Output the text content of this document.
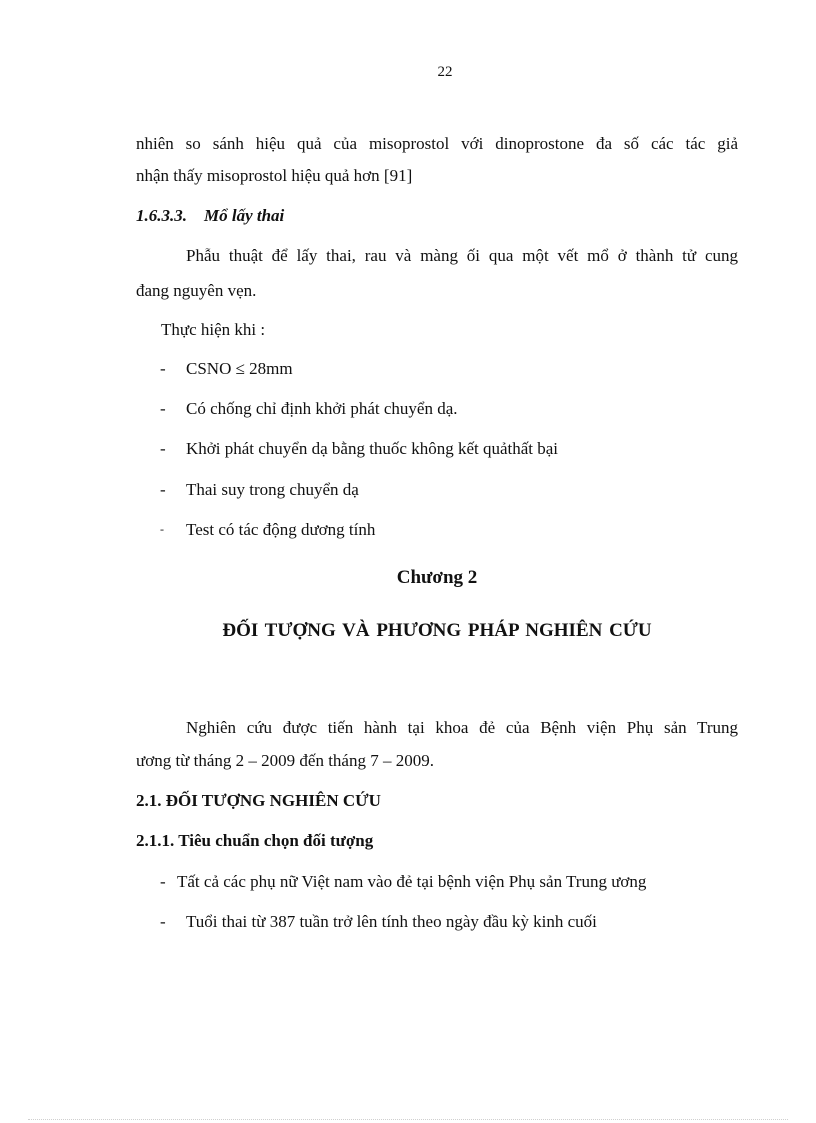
22
nhiên so sánh hiệu quả của misoprostol với dinoprostone đa số các tác giả
nhận thấy misoprostol hiệu quả hơn [91]
1.6.3.3.    Mổ lấy thai
Phẫu thuật để lấy thai, rau và màng ối qua một vết mổ ở thành tử cung
đang nguyên vẹn.
Thực hiện khi :
- CSNO ≤ 28mm
- Có chống chỉ định khởi phát chuyển dạ.
- Khởi phát chuyển dạ bằng thuốc không kết quảthất bại
- Thai suy trong chuyển dạ
- Test có tác động dương tính
Chương 2
ĐỐI TƯỢNG VÀ PHƯƠNG PHÁP NGHIÊN CỨU
Nghiên cứu được tiến hành tại khoa đẻ của Bệnh viện Phụ sản Trung
ương từ tháng 2 – 2009 đến tháng 7 – 2009.
2.1. ĐỐI TƯỢNG NGHIÊN CỨU
2.1.1. Tiêu chuẩn chọn đối tượng
- Tất cả các phụ nữ Việt nam vào đẻ tại bệnh viện Phụ sản Trung ương
- Tuổi thai từ 387 tuần trở lên tính theo ngày đầu kỳ kinh cuối
